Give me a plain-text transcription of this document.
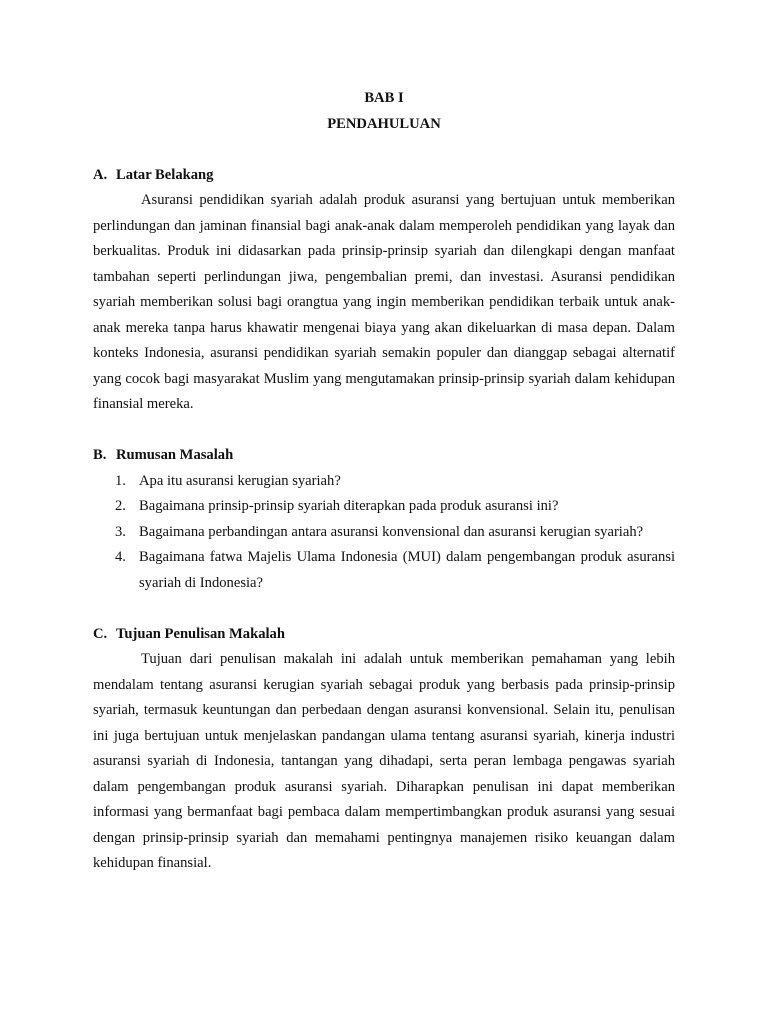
BAB I

PENDAHULUAN

A. Latar Belakang

Asuransi pendidikan syariah adalah produk asuransi yang bertujuan untuk memberikan perlindungan dan jaminan finansial bagi anak-anak dalam memperoleh pendidikan yang layak dan berkualitas. Produk ini didasarkan pada prinsip-prinsip syariah dan dilengkapi dengan manfaat tambahan seperti perlindungan jiwa, pengembalian premi, dan investasi. Asuransi pendidikan syariah memberikan solusi bagi orangtua yang ingin memberikan pendidikan terbaik untuk anak-anak mereka tanpa harus khawatir mengenai biaya yang akan dikeluarkan di masa depan. Dalam konteks Indonesia, asuransi pendidikan syariah semakin populer dan dianggap sebagai alternatif yang cocok bagi masyarakat Muslim yang mengutamakan prinsip-prinsip syariah dalam kehidupan finansial mereka.

B. Rumusan Masalah

1. Apa itu asuransi kerugian syariah?
2. Bagaimana prinsip-prinsip syariah diterapkan pada produk asuransi ini?
3. Bagaimana perbandingan antara asuransi konvensional dan asuransi kerugian syariah?
4. Bagaimana fatwa Majelis Ulama Indonesia (MUI) dalam pengembangan produk asuransi syariah di Indonesia?

C. Tujuan Penulisan Makalah

Tujuan dari penulisan makalah ini adalah untuk memberikan pemahaman yang lebih mendalam tentang asuransi kerugian syariah sebagai produk yang berbasis pada prinsip-prinsip syariah, termasuk keuntungan dan perbedaan dengan asuransi konvensional. Selain itu, penulisan ini juga bertujuan untuk menjelaskan pandangan ulama tentang asuransi syariah, kinerja industri asuransi syariah di Indonesia, tantangan yang dihadapi, serta peran lembaga pengawas syariah dalam pengembangan produk asuransi syariah. Diharapkan penulisan ini dapat memberikan informasi yang bermanfaat bagi pembaca dalam mempertimbangkan produk asuransi yang sesuai dengan prinsip-prinsip syariah dan memahami pentingnya manajemen risiko keuangan dalam kehidupan finansial.
